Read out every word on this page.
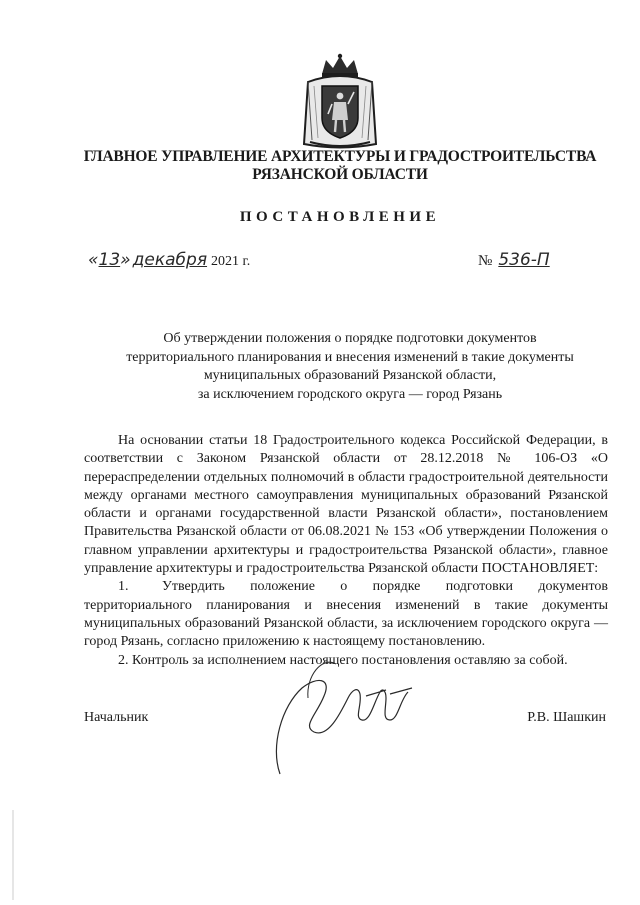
ГЛАВНОЕ УПРАВЛЕНИЕ АРХИТЕКТУРЫ И ГРАДОСТРОИТЕЛЬСТВА
РЯЗАНСКОЙ ОБЛАСТИ
ПОСТАНОВЛЕНИЕ
«13» декабря 2021 г.	№ 536-П
Об утверждении положения о порядке подготовки документов
территориального планирования и внесения изменений в такие документы
муниципальных образований Рязанской области,
за исключением городского округа — город Рязань

На основании статьи 18 Градостроительного кодекса Российской Федерации, в соответствии с Законом Рязанской области от 28.12.2018 № 106-ОЗ «О перераспределении отдельных полномочий в области градостроительной деятельности между органами местного самоуправления муниципальных образований Рязанской области и органами государственной власти Рязанской области», постановлением Правительства Рязанской области от 06.08.2021 № 153 «Об утверждении Положения о главном управлении архитектуры и градостроительства Рязанской области», главное управление архитектуры и градостроительства Рязанской области ПОСТАНОВЛЯЕТ:

1. Утвердить положение о порядке подготовки документов территориального планирования и внесения изменений в такие документы муниципальных образований Рязанской области, за исключением городского округа — город Рязань, согласно приложению к настоящему постановлению.

2. Контроль за исполнением настоящего постановления оставляю за собой.

Начальник	Р.В. Шашкин
